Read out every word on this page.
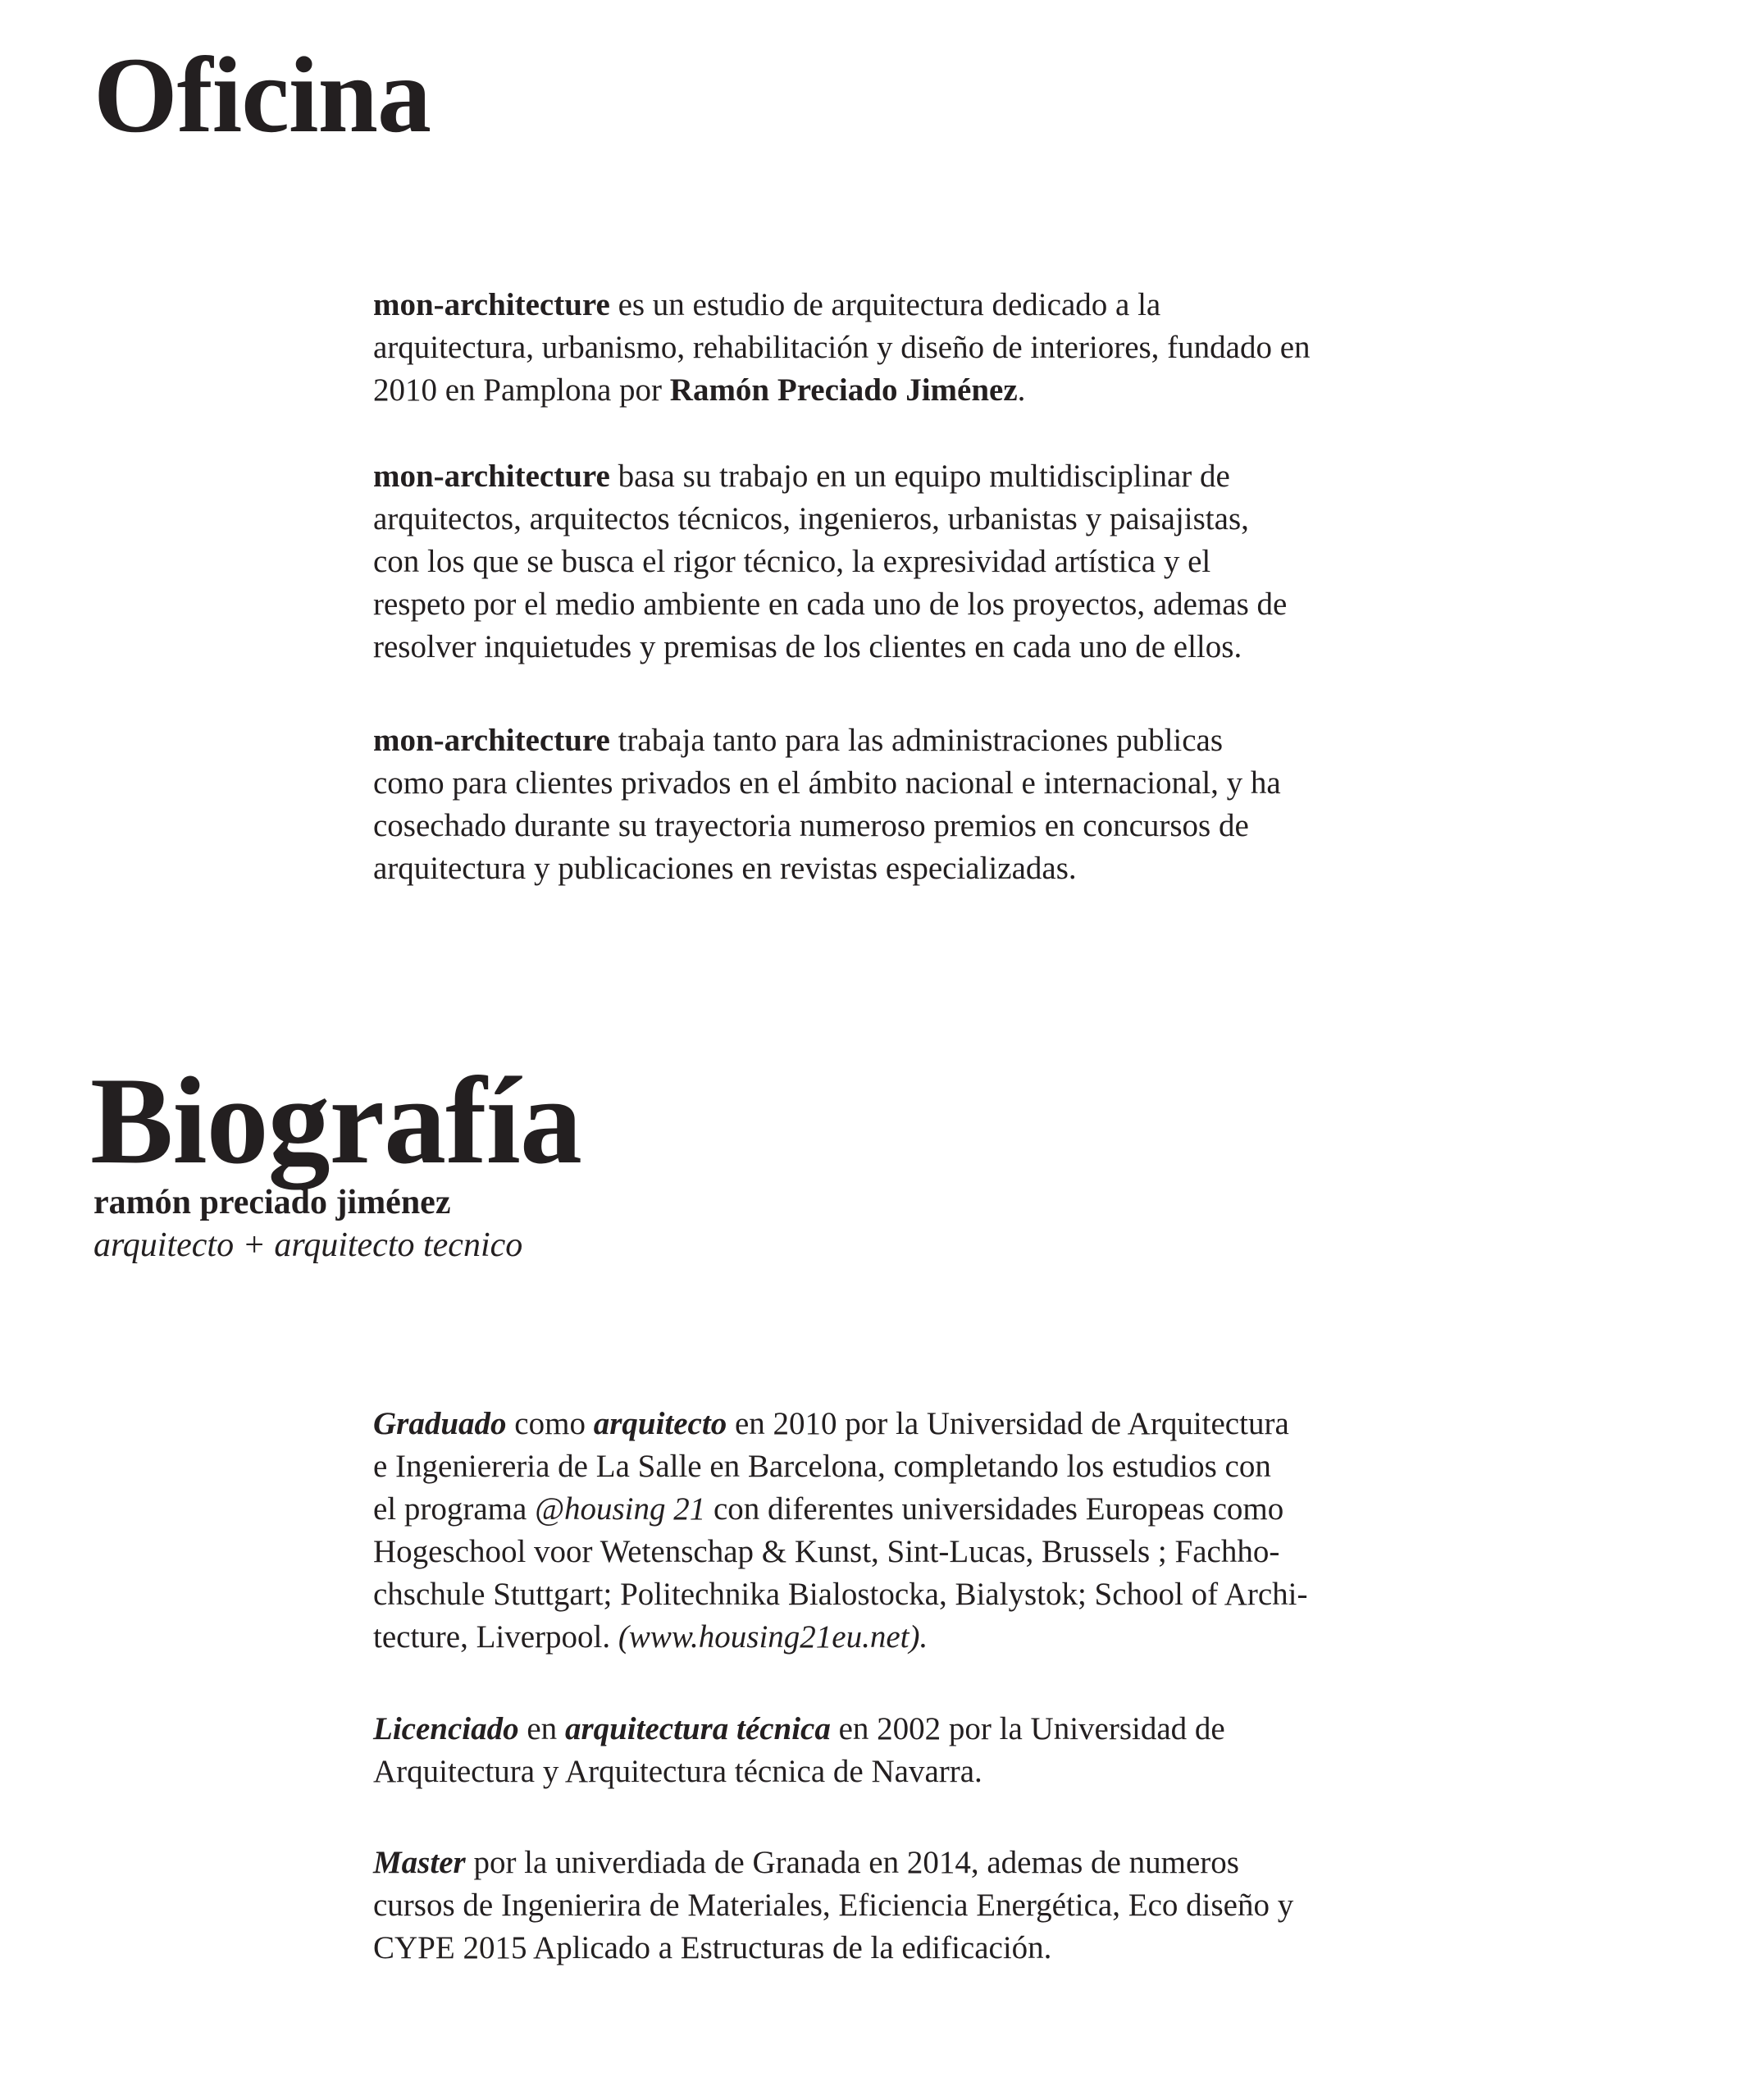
Oficina
mon-architecture es un estudio de arquitectura dedicado a la
arquitectura, urbanismo, rehabilitación y diseño de interiores, fundado en
2010 en Pamplona por Ramón Preciado Jiménez.
mon-architecture basa su trabajo en un equipo multidisciplinar de
arquitectos, arquitectos técnicos, ingenieros, urbanistas y paisajistas,
con los que se busca el rigor técnico, la expresividad artística y el
respeto por el medio ambiente en cada uno de los proyectos, ademas de
resolver inquietudes y premisas de los clientes en cada uno de ellos.
mon-architecture trabaja tanto para las administraciones publicas
como para clientes privados en el ámbito nacional e internacional, y ha
cosechado durante su trayectoria numeroso premios en concursos de
arquitectura y publicaciones en revistas especializadas.
Biografía
ramón preciado jiménez
arquitecto + arquitecto tecnico
Graduado como arquitecto en 2010 por la Universidad de Arquitectura
e Ingeniereria de La Salle en Barcelona, completando los estudios con
el programa @housing 21 con diferentes universidades Europeas como
Hogeschool voor Wetenschap & Kunst, Sint-Lucas, Brussels ; Fachho-
chschule Stuttgart; Politechnika Bialostocka, Bialystok; School of Archi-
tecture, Liverpool. (www.housing21eu.net).
Licenciado en arquitectura técnica en 2002 por la Universidad de
Arquitectura y Arquitectura técnica de Navarra.
Master por la univerdiada de Granada en 2014, ademas de numeros
cursos de Ingenierira de Materiales, Eficiencia Energética, Eco diseño y
CYPE 2015 Aplicado a Estructuras de la edificación.
